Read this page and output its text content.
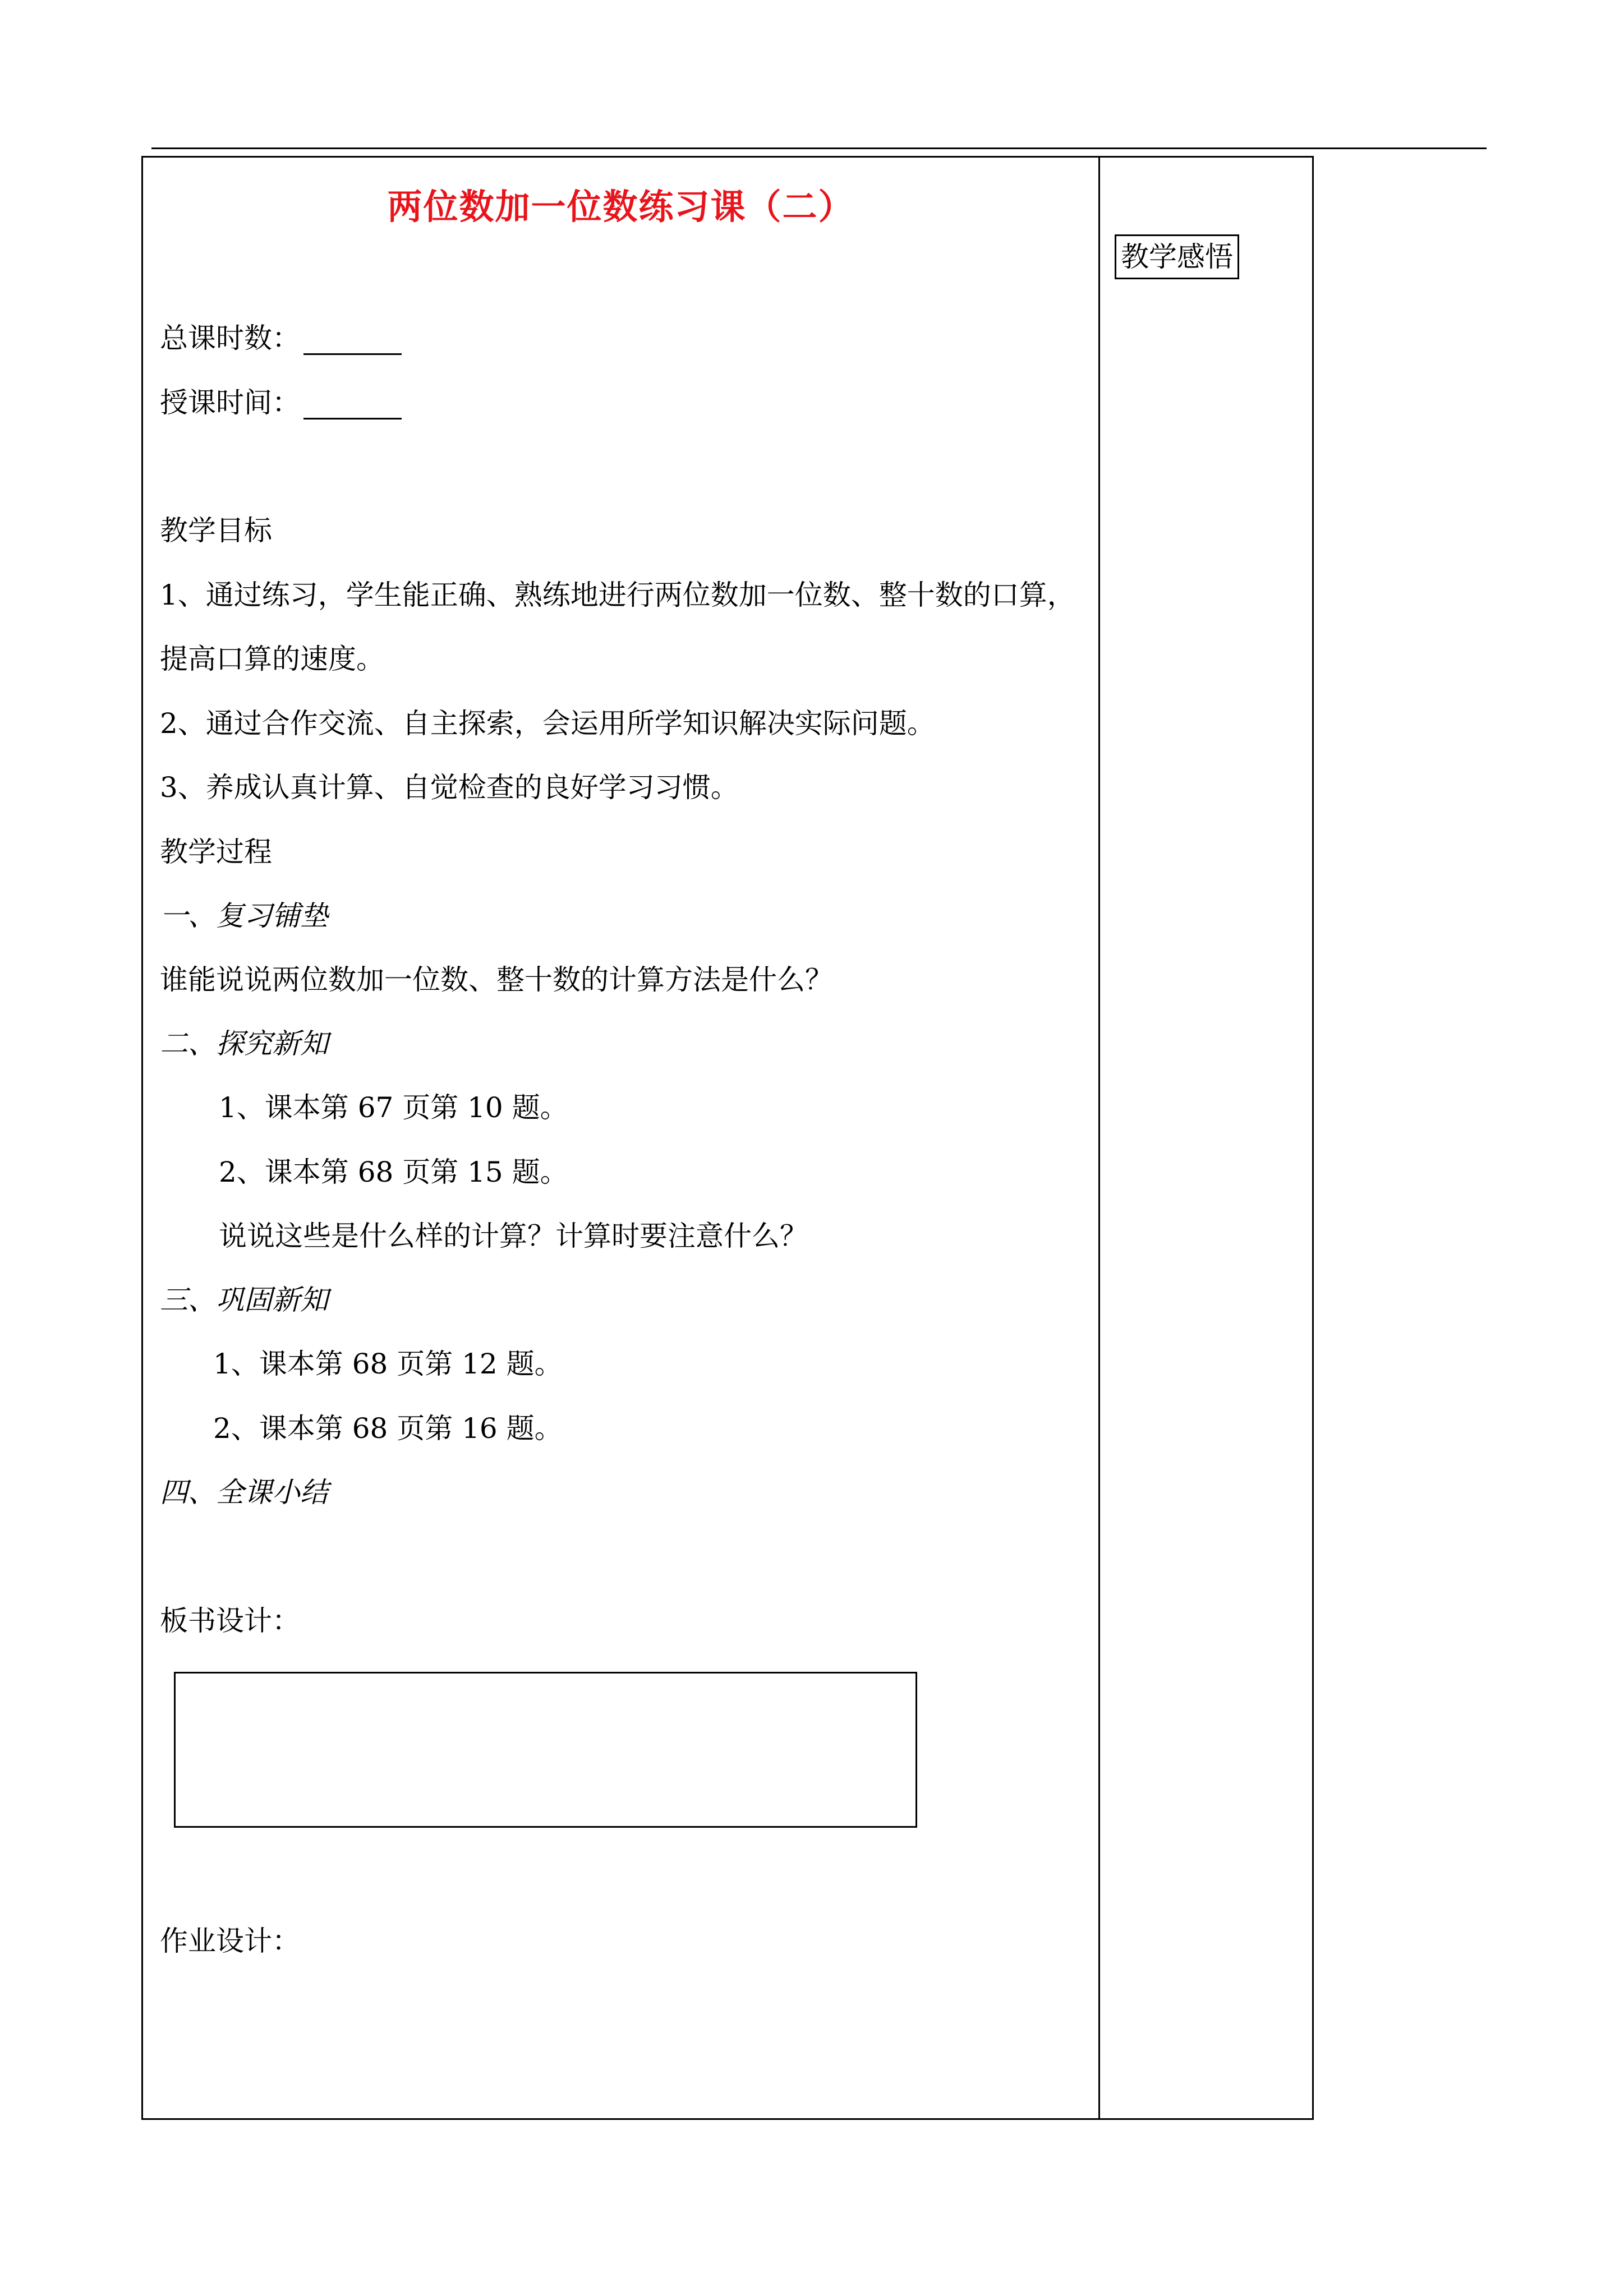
两位数加一位数练习课（二）
教学感悟
总课时数：
授课时间：
教学目标
1、通过练习，学生能正确、熟练地进行两位数加一位数、整十数的口算，
提高口算的速度。
2、通过合作交流、自主探索，会运用所学知识解决实际问题。
3、养成认真计算、自觉检查的良好学习习惯。
教学过程
一、复习铺垫
谁能说说两位数加一位数、整十数的计算方法是什么？
二、探究新知
1、课本第 67 页第 10 题。
2、课本第 68 页第 15 题。
说说这些是什么样的计算？计算时要注意什么？
三、巩固新知
1、课本第 68 页第 12 题。
2、课本第 68 页第 16 题。
四、全课小结
板书设计：
作业设计：
